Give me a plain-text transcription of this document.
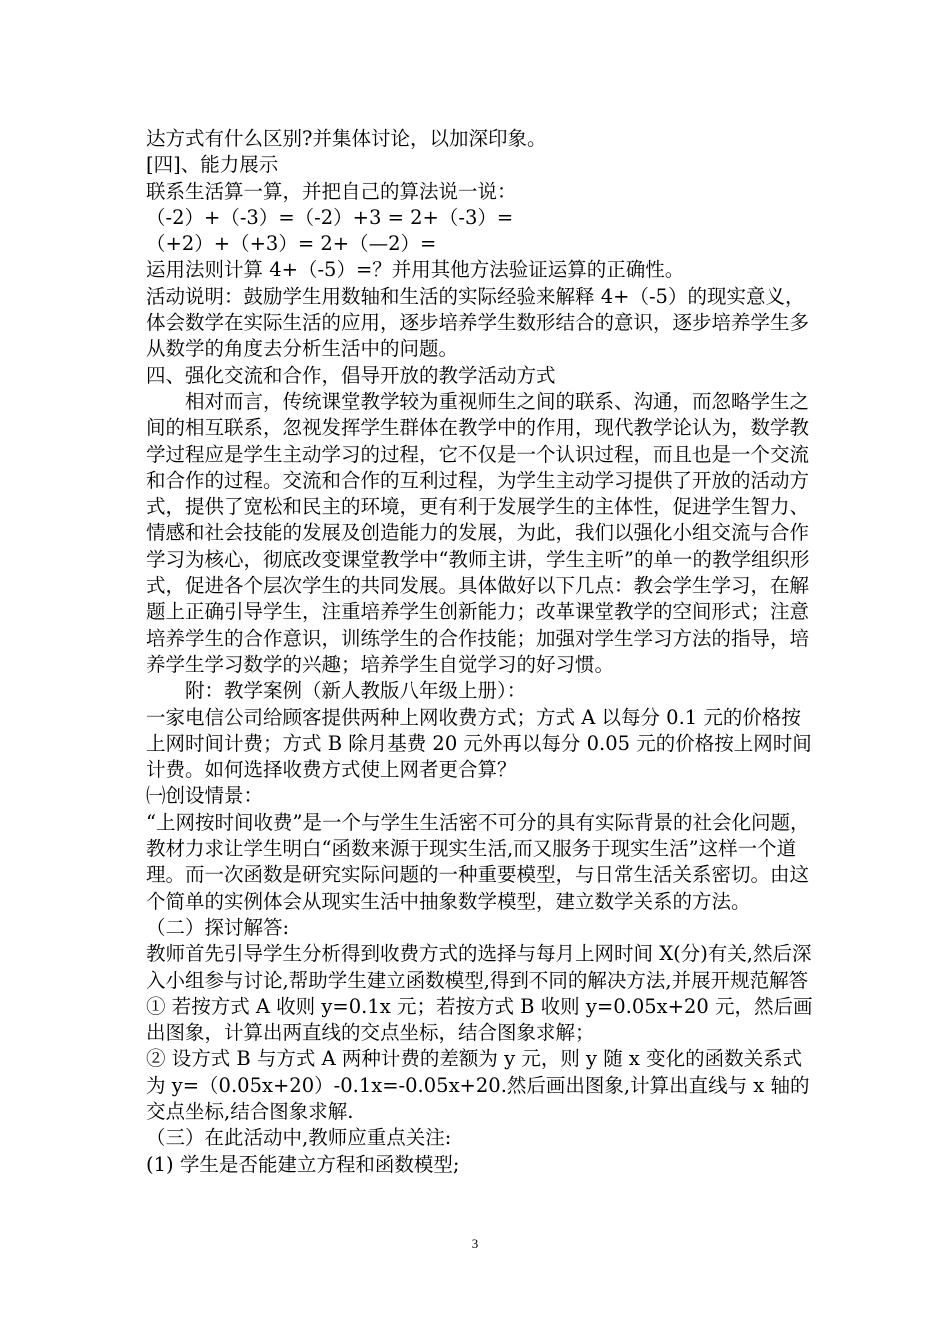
达方式有什么区别?并集体讨论，以加深印象。

[四]、能力展示

联系生活算一算，并把自己的算法说一说：

（-2）+（-3）=（-2）+3 = 2+（-3）=

（+2）+（+3）= 2+（—2）=

运用法则计算 4+（-5）=？并用其他方法验证运算的正确性。

活动说明：鼓励学生用数轴和生活的实际经验来解释 4+（-5）的现实意义，体会数学在实际生活的应用，逐步培养学生数形结合的意识，逐步培养学生多从数学的角度去分析生活中的问题。

四、强化交流和合作，倡导开放的教学活动方式

相对而言，传统课堂教学较为重视师生之间的联系、沟通，而忽略学生之间的相互联系，忽视发挥学生群体在教学中的作用，现代教学论认为，数学教学过程应是学生主动学习的过程，它不仅是一个认识过程，而且也是一个交流和合作的过程。交流和合作的互利过程，为学生主动学习提供了开放的活动方式，提供了宽松和民主的环境，更有利于发展学生的主体性，促进学生智力、情感和社会技能的发展及创造能力的发展，为此，我们以强化小组交流与合作学习为核心，彻底改变课堂教学中“教师主讲，学生主听”的单一的教学组织形式，促进各个层次学生的共同发展。具体做好以下几点：教会学生学习，在解题上正确引导学生，注重培养学生创新能力；改革课堂教学的空间形式；注意培养学生的合作意识，训练学生的合作技能；加强对学生学习方法的指导，培养学生学习数学的兴趣；培养学生自觉学习的好习惯。

附：教学案例（新人教版八年级上册）：

一家电信公司给顾客提供两种上网收费方式；方式 A 以每分 0.1 元的价格按上网时间计费；方式 B 除月基费 20 元外再以每分 0.05 元的价格按上网时间计费。如何选择收费方式使上网者更合算？

㈠创设情景：

“上网按时间收费”是一个与学生生活密不可分的具有实际背景的社会化问题，教材力求让学生明白“函数来源于现实生活,而又服务于现实生活”这样一个道理。而一次函数是研究实际问题的一种重要模型，与日常生活关系密切。由这个简单的实例体会从现实生活中抽象数学模型，建立数学关系的方法。

（二）探讨解答:

教师首先引导学生分析得到收费方式的选择与每月上网时间 X(分)有关,然后深入小组参与讨论,帮助学生建立函数模型,得到不同的解决方法,并展开规范解答

① 若按方式 A 收则 y=0.1x 元；若按方式 B 收则 y=0.05x+20 元，然后画出图象，计算出两直线的交点坐标，结合图象求解；

② 设方式 B 与方式 A 两种计费的差额为 y 元，则 y 随 x 变化的函数关系式为 y=（0.05x+20）-0.1x=-0.05x+20.然后画出图象,计算出直线与 x 轴的交点坐标,结合图象求解.

（三）在此活动中,教师应重点关注:

(1) 学生是否能建立方程和函数模型;

3
